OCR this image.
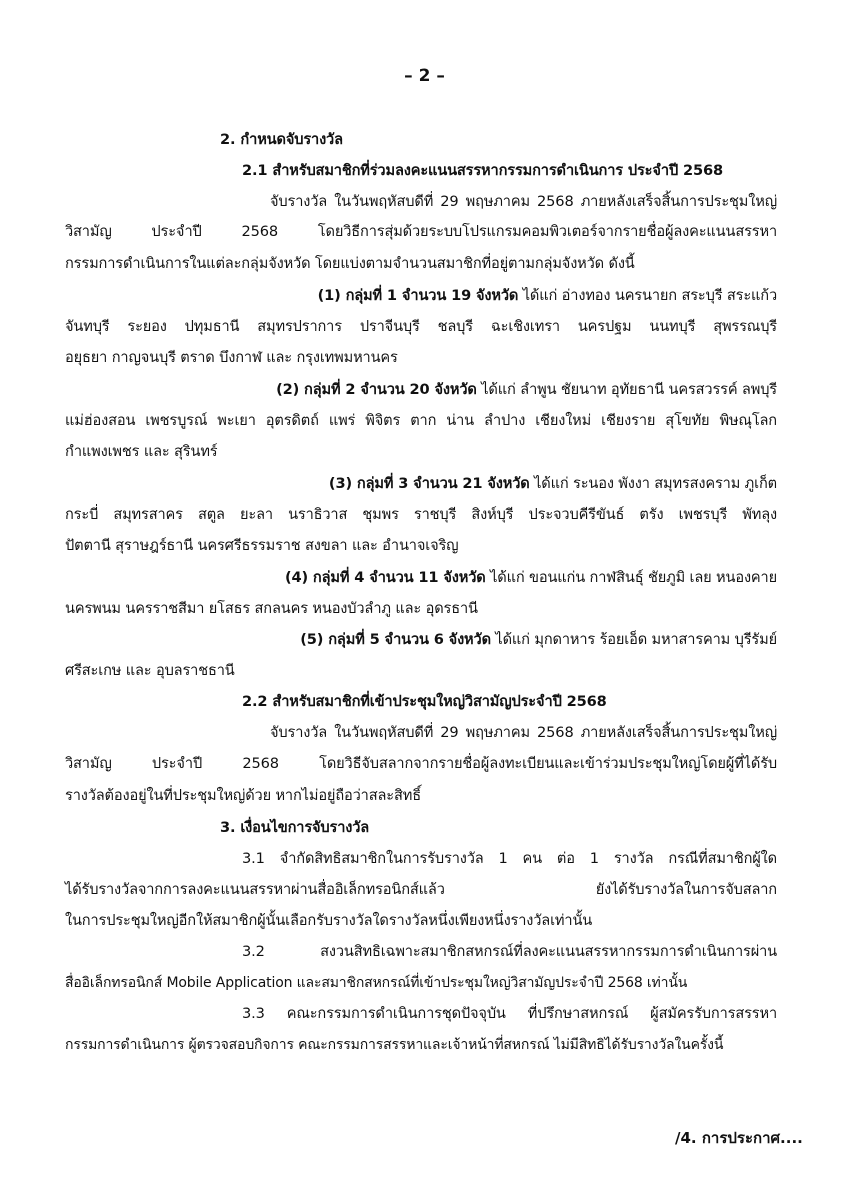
– 2 –
2. กำหนดจับรางวัล
2.1 สำหรับสมาชิกที่ร่วมลงคะแนนสรรหากรรมการดำเนินการ ประจำปี 2568
จับรางวัล ในวันพฤหัสบดีที่ 29 พฤษภาคม 2568 ภายหลังเสร็จสิ้นการประชุมใหญ่
วิสามัญ ประจำปี 2568 โดยวิธีการสุ่มด้วยระบบโปรแกรมคอมพิวเตอร์จากรายชื่อผู้ลงคะแนนสรรหา
กรรมการดำเนินการในแต่ละกลุ่มจังหวัด โดยแบ่งตามจำนวนสมาชิกที่อยู่ตามกลุ่มจังหวัด ดังนี้
(1) กลุ่มที่ 1 จำนวน 19 จังหวัด ได้แก่ อ่างทอง นครนายก สระบุรี สระแก้ว
จันทบุรี ระยอง ปทุมธานี สมุทรปราการ ปราจีนบุรี ชลบุรี ฉะเชิงเทรา นครปฐม นนทบุรี สุพรรณบุรี
อยุธยา กาญจนบุรี ตราด บึงกาฬ และ กรุงเทพมหานคร
(2) กลุ่มที่ 2 จำนวน 20 จังหวัด ได้แก่ ลำพูน ชัยนาท อุทัยธานี นครสวรรค์ ลพบุรี
แม่ฮ่องสอน เพชรบูรณ์ พะเยา อุตรดิตถ์ แพร่ พิจิตร ตาก น่าน ลำปาง เชียงใหม่ เชียงราย สุโขทัย พิษณุโลก
กำแพงเพชร และ สุรินทร์
(3) กลุ่มที่ 3 จำนวน 21 จังหวัด ได้แก่ ระนอง พังงา สมุทรสงคราม ภูเก็ต
กระบี่ สมุทรสาคร สตูล ยะลา นราธิวาส ชุมพร ราชบุรี สิงห์บุรี ประจวบคีรีขันธ์ ตรัง เพชรบุรี พัทลุง
ปัตตานี สุราษฎร์ธานี นครศรีธรรมราช สงขลา และ อำนาจเจริญ
(4) กลุ่มที่ 4 จำนวน 11 จังหวัด ได้แก่ ขอนแก่น กาฬสินธุ์ ชัยภูมิ เลย หนองคาย
นครพนม นครราชสีมา ยโสธร สกลนคร หนองบัวลำภู และ อุดรธานี
(5) กลุ่มที่ 5 จำนวน 6 จังหวัด ได้แก่ มุกดาหาร ร้อยเอ็ด มหาสารคาม บุรีรัมย์
ศรีสะเกษ และ อุบลราชธานี
2.2 สำหรับสมาชิกที่เข้าประชุมใหญ่วิสามัญประจำปี 2568
จับรางวัล ในวันพฤหัสบดีที่ 29 พฤษภาคม 2568 ภายหลังเสร็จสิ้นการประชุมใหญ่
วิสามัญ ประจำปี 2568 โดยวิธีจับสลากจากรายชื่อผู้ลงทะเบียนและเข้าร่วมประชุมใหญ่โดยผู้ที่ได้รับ
รางวัลต้องอยู่ในที่ประชุมใหญ่ด้วย หากไม่อยู่ถือว่าสละสิทธิ์
3. เงื่อนไขการจับรางวัล
3.1 จำกัดสิทธิสมาชิกในการรับรางวัล 1 คน ต่อ 1 รางวัล กรณีที่สมาชิกผู้ใด
ได้รับรางวัลจากการลงคะแนนสรรหาผ่านสื่ออิเล็กทรอนิกส์แล้ว ยังได้รับรางวัลในการจับสลาก
ในการประชุมใหญ่อีกให้สมาชิกผู้นั้นเลือกรับรางวัลใดรางวัลหนึ่งเพียงหนึ่งรางวัลเท่านั้น
3.2 สงวนสิทธิเฉพาะสมาชิกสหกรณ์ที่ลงคะแนนสรรหากรรมการดำเนินการผ่าน
สื่ออิเล็กทรอนิกส์ Mobile Application และสมาชิกสหกรณ์ที่เข้าประชุมใหญ่วิสามัญประจำปี 2568 เท่านั้น
3.3 คณะกรรมการดำเนินการชุดปัจจุบัน ที่ปรึกษาสหกรณ์ ผู้สมัครรับการสรรหา
กรรมการดำเนินการ ผู้ตรวจสอบกิจการ คณะกรรมการสรรหาและเจ้าหน้าที่สหกรณ์ ไม่มีสิทธิได้รับรางวัลในครั้งนี้
/4. การประกาศ....
